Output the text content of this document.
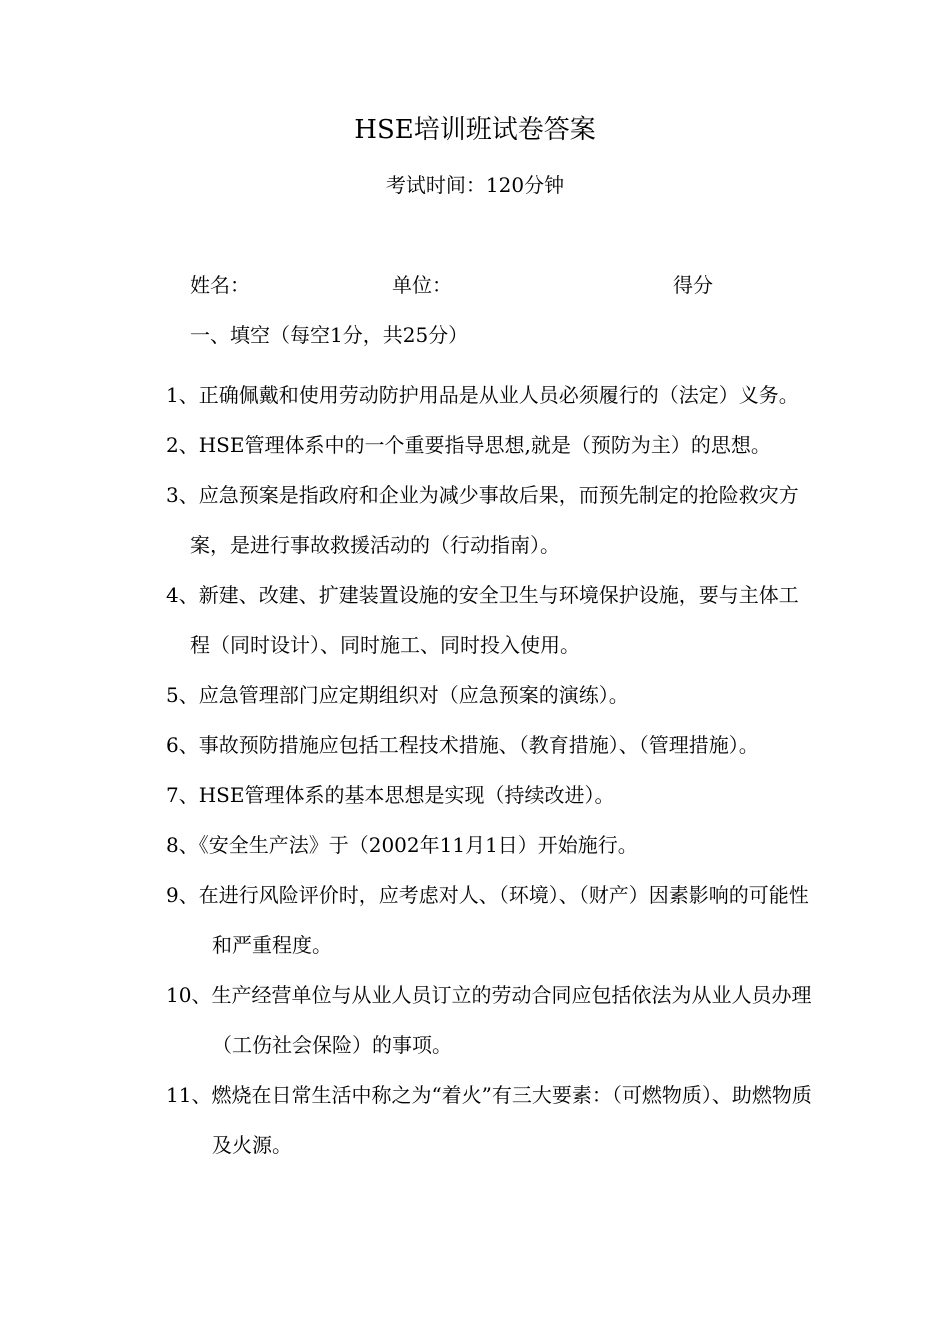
HSE培训班试卷答案
考试时间：120分钟
姓名：	单位：	得分
一、填空（每空1分，共25分）
1、正确佩戴和使用劳动防护用品是从业人员必须履行的（法定）义务。
2、HSE管理体系中的一个重要指导思想,就是（预防为主）的思想。
3、应急预案是指政府和企业为减少事故后果，而预先制定的抢险救灾方案，是进行事故救援活动的（行动指南）。
4、新建、改建、扩建装置设施的安全卫生与环境保护设施，要与主体工程（同时设计）、同时施工、同时投入使用。
5、应急管理部门应定期组织对（应急预案的演练）。
6、事故预防措施应包括工程技术措施、（教育措施）、（管理措施）。
7、HSE管理体系的基本思想是实现（持续改进）。
8、《安全生产法》于（2002年11月1日）开始施行。
9、在进行风险评价时，应考虑对人、（环境）、（财产）因素影响的可能性和严重程度。
10、生产经营单位与从业人员订立的劳动合同应包括依法为从业人员办理（工伤社会保险）的事项。
11、燃烧在日常生活中称之为“着火”有三大要素：（可燃物质）、助燃物质及火源。
